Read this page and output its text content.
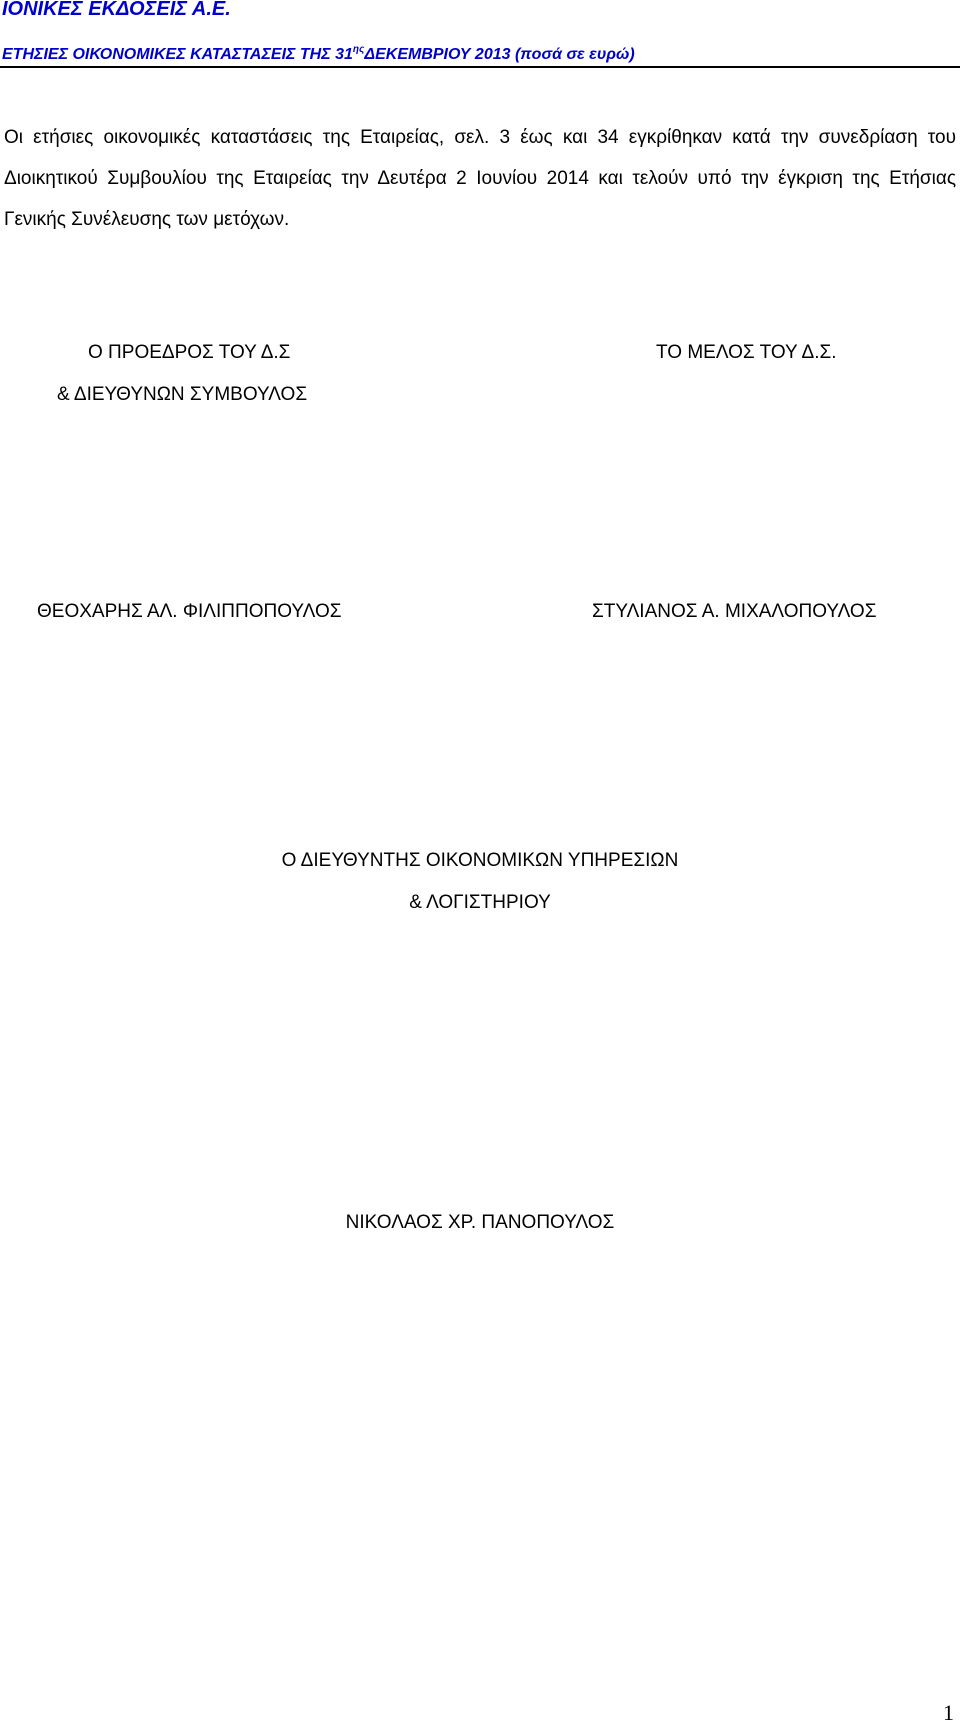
ΙΟΝΙΚΕΣ ΕΚΔΟΣΕΙΣ Α.Ε.
ΕΤΗΣΙΕΣ ΟΙΚΟΝΟΜΙΚΕΣ ΚΑΤΑΣΤΑΣΕΙΣ ΤΗΣ $31^{\eta\varsigma}\Delta EKEMBPIO\Upsilon$ 2013 (ποσά σε ευρώ)
Οι ετήσιες οικονομικές καταστάσεις της Εταιρείας, σελ. 3 έως και 34 εγκρίθηκαν κατά την συνεδρίαση του Διοικητικού Συμβουλίου της Εταιρείας την Δευτέρα 2 Ιουνίου 2014 και τελούν υπό την έγκριση της Ετήσιας Γενικής Συνέλευσης των μετόχων.
Ο ΠΡΟΕΔΡΟΣ ΤΟΥ Δ.Σ
& ΔΙΕΥΘΥΝΩΝ ΣΥΜΒΟΥΛΟΣ
ΤΟ ΜΕΛΟΣ ΤΟΥ Δ.Σ.
ΘΕΟΧΑΡΗΣ ΑΛ. ΦΙΛΙΠΠΟΠΟΥΛΟΣ	ΣΤΥΛΙΑΝΟΣ Α. ΜΙΧΑΛΟΠΟΥΛΟΣ
Ο ΔΙΕΥΘΥΝΤΗΣ ΟΙΚΟΝΟΜΙΚΩΝ ΥΠΗΡΕΣΙΩΝ
& ΛΟΓΙΣΤΗΡΙΟΥ
ΝΙΚΟΛΑΟΣ ΧΡ. ΠΑΝΟΠΟΥΛΟΣ
1
